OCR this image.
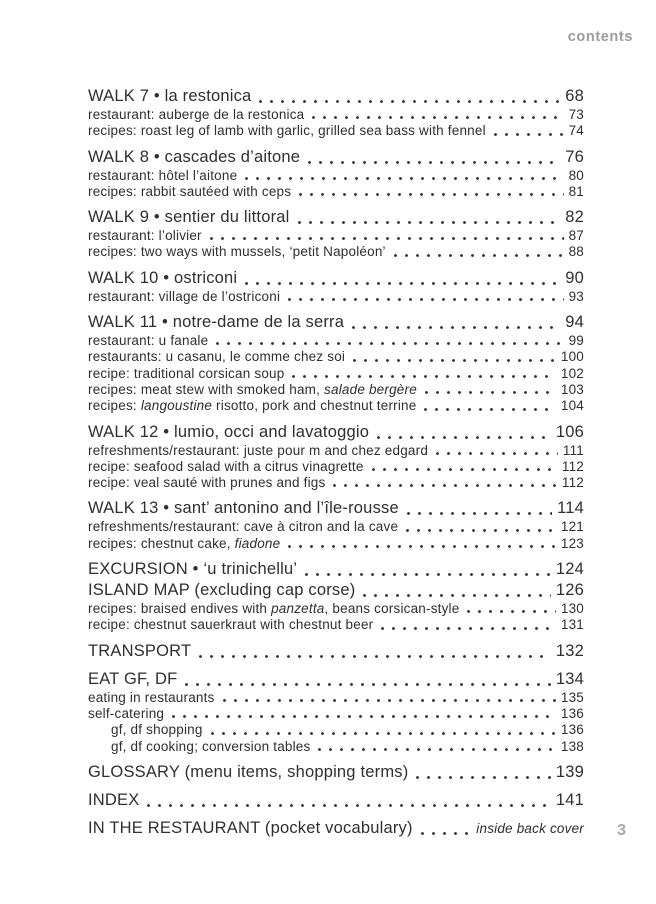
contents
WALK 7 • la restonica	68
restaurant: auberge de la restonica	73
recipes: roast leg of lamb with garlic, grilled sea bass with fennel	74
WALK 8 • cascades d’aitone	76
restaurant: hôtel l’aitone	80
recipes: rabbit sautéed with ceps	81
WALK 9 • sentier du littoral	82
restaurant: l’olivier	87
recipes: two ways with mussels, ‘petit Napoléon’	88
WALK 10 • ostriconi	90
restaurant: village de l’ostriconi	93
WALK 11 • notre-dame de la serra	94
restaurant: u fanale	99
restaurants: u casanu, le comme chez soi	100
recipe: traditional corsican soup	102
recipes: meat stew with smoked ham, salade bergère	103
recipes: langoustine risotto, pork and chestnut terrine	104
WALK 12 • lumio, occi and lavatoggio	106
refreshments/restaurant: juste pour m and chez edgard	111
recipe: seafood salad with a citrus vinagrette	112
recipe: veal sauté with prunes and figs	112
WALK 13 • sant’ antonino and l’île-rousse	114
refreshments/restaurant: cave à citron and la cave	121
recipes: chestnut cake, fiadone	123
EXCURSION • ‘u trinichellu’	124
ISLAND MAP (excluding cap corse)	126
recipes: braised endives with panzetta, beans corsican-style	130
recipe: chestnut sauerkraut with chestnut beer	131
TRANSPORT	132
EAT GF, DF	134
eating in restaurants	135
self-catering	136
gf, df shopping	136
gf, df cooking; conversion tables	138
GLOSSARY (menu items, shopping terms)	139
INDEX	141
IN THE RESTAURANT (pocket vocabulary)	inside back cover 3
